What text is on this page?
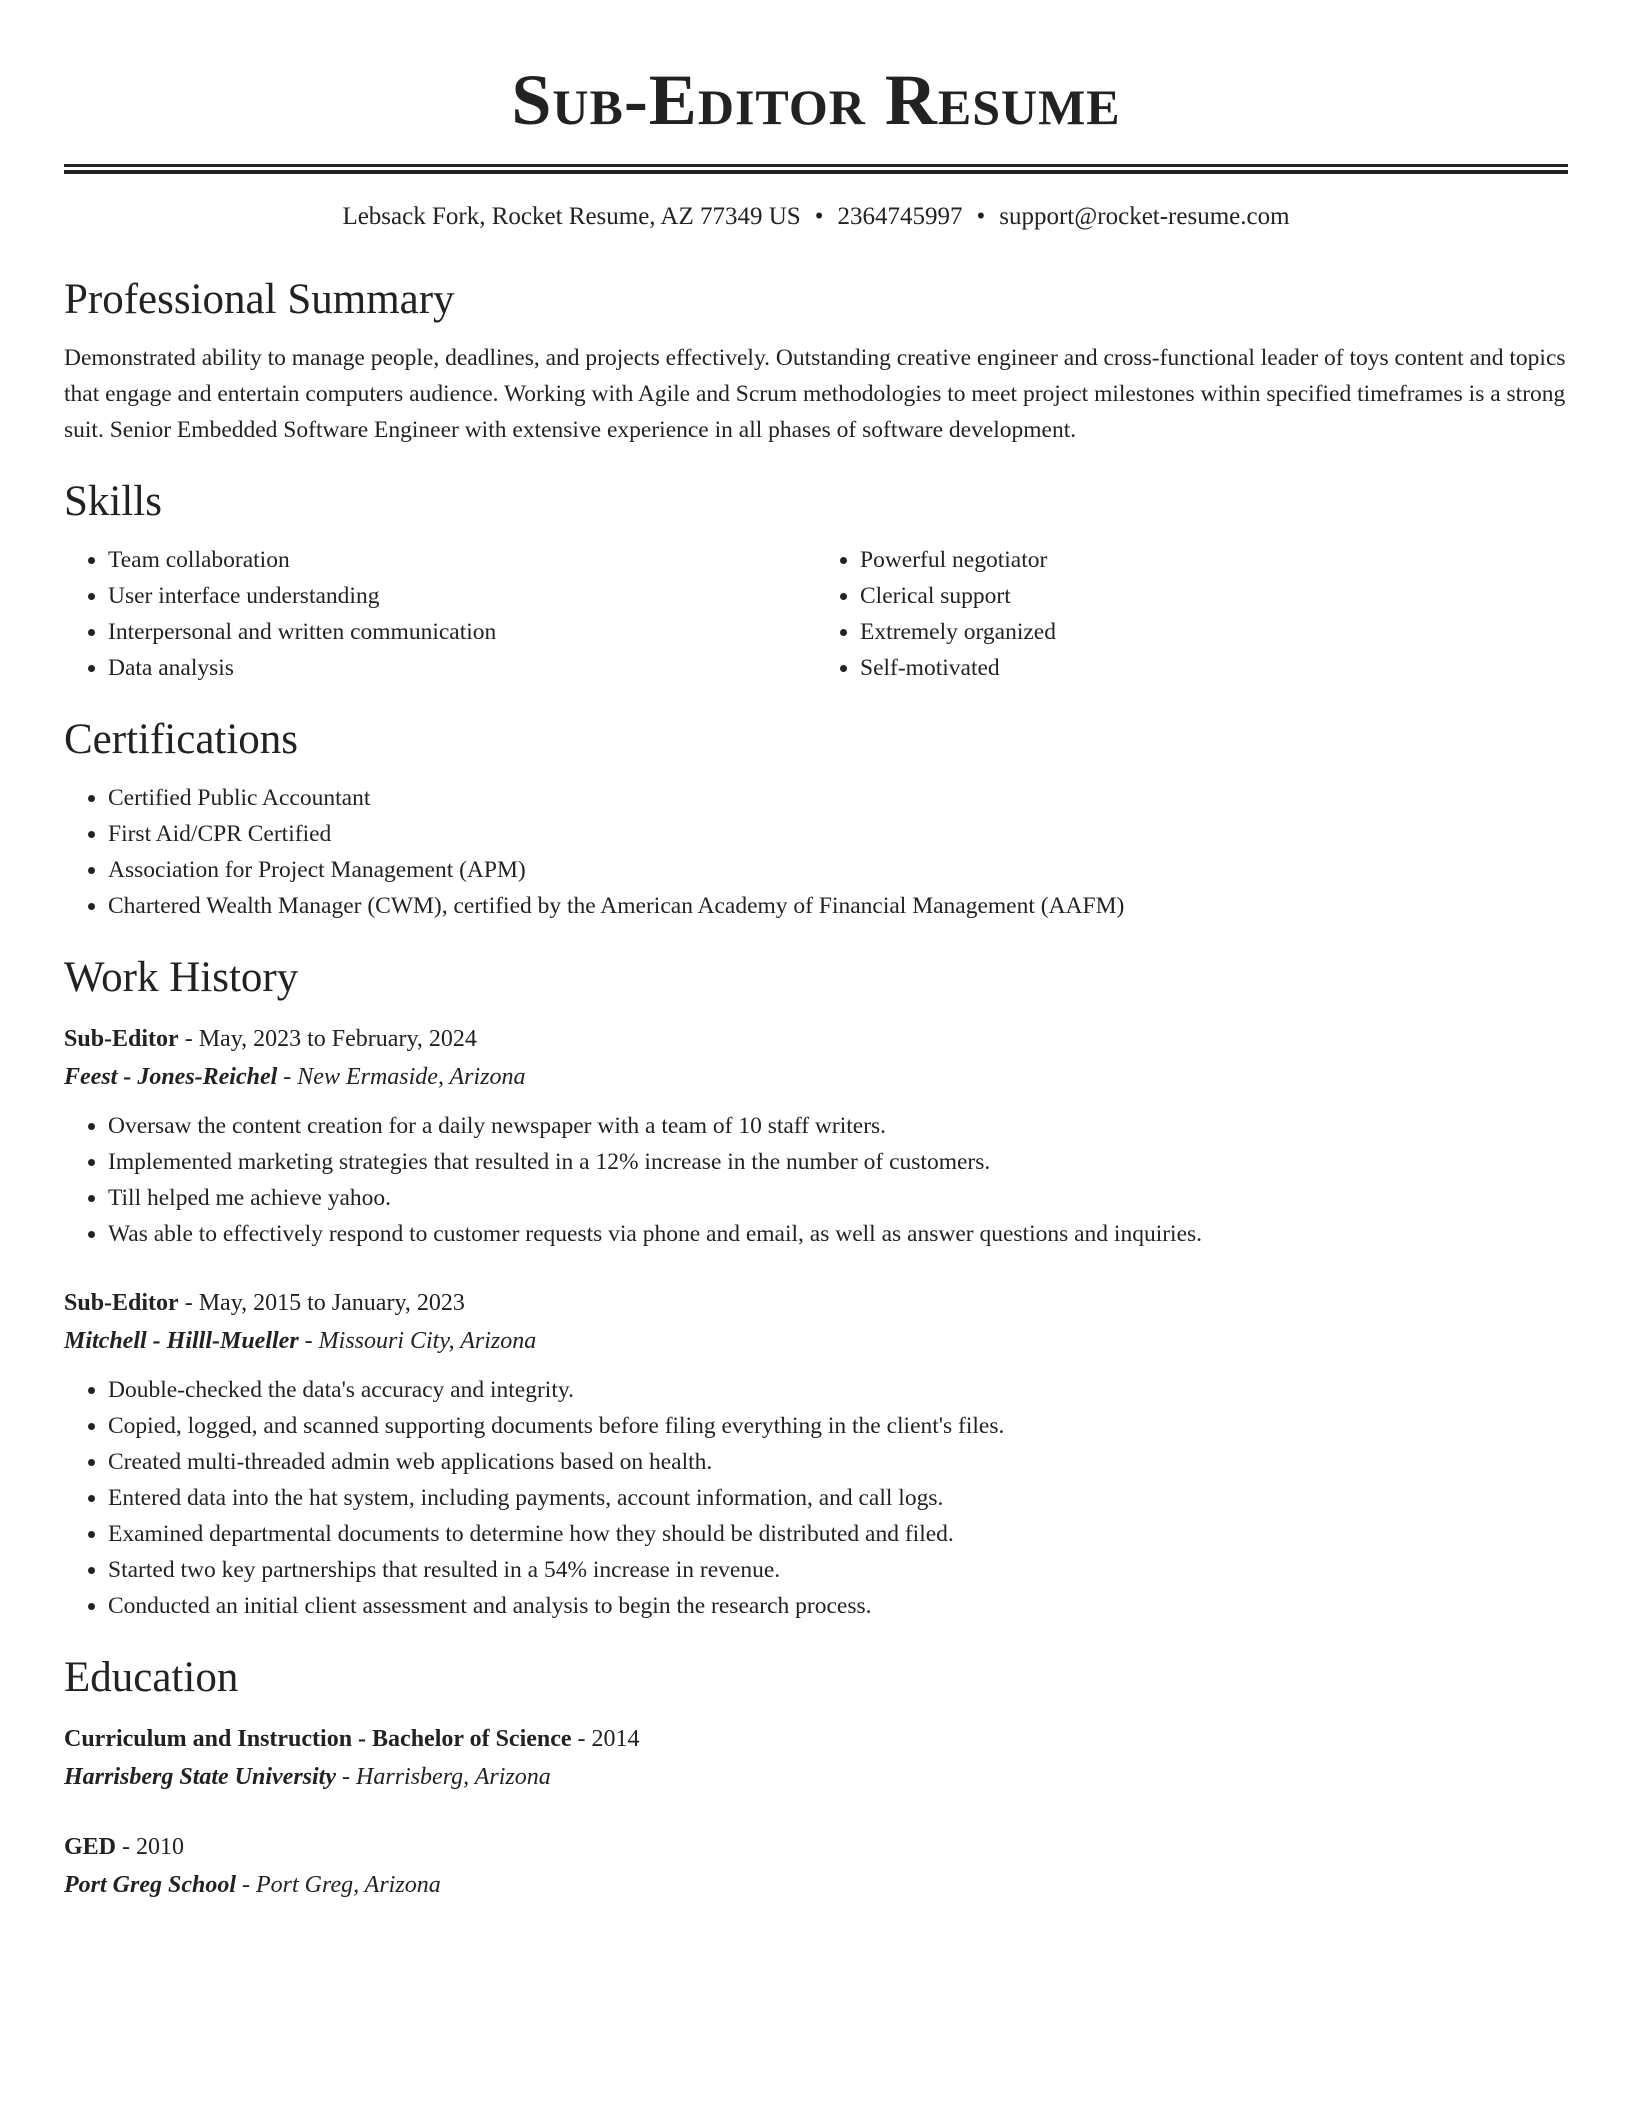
Sub-Editor Resume
Lebsack Fork, Rocket Resume, AZ 77349 US • 2364745997 • support@rocket-resume.com
Professional Summary

Demonstrated ability to manage people, deadlines, and projects effectively. Outstanding creative engineer and cross-functional leader of toys content and topics that engage and entertain computers audience. Working with Agile and Scrum methodologies to meet project milestones within specified timeframes is a strong suit. Senior Embedded Software Engineer with extensive experience in all phases of software development.

Skills
• Team collaboration
• User interface understanding
• Interpersonal and written communication
• Data analysis
• Powerful negotiator
• Clerical support
• Extremely organized
• Self-motivated
Certifications
• Certified Public Accountant
• First Aid/CPR Certified
• Association for Project Management (APM)
• Chartered Wealth Manager (CWM), certified by the American Academy of Financial Management (AAFM)
Work History
Sub-Editor - May, 2023 to February, 2024
Feest - Jones-Reichel - New Ermaside, Arizona
• Oversaw the content creation for a daily newspaper with a team of 10 staff writers.
• Implemented marketing strategies that resulted in a 12% increase in the number of customers.
• Till helped me achieve yahoo.
• Was able to effectively respond to customer requests via phone and email, as well as answer questions and inquiries.
Sub-Editor - May, 2015 to January, 2023
Mitchell - Hilll-Mueller - Missouri City, Arizona
• Double-checked the data's accuracy and integrity.
• Copied, logged, and scanned supporting documents before filing everything in the client's files.
• Created multi-threaded admin web applications based on health.
• Entered data into the hat system, including payments, account information, and call logs.
• Examined departmental documents to determine how they should be distributed and filed.
• Started two key partnerships that resulted in a 54% increase in revenue.
• Conducted an initial client assessment and analysis to begin the research process.
Education
Curriculum and Instruction - Bachelor of Science - 2014
Harrisberg State University - Harrisberg, Arizona
GED - 2010
Port Greg School - Port Greg, Arizona
